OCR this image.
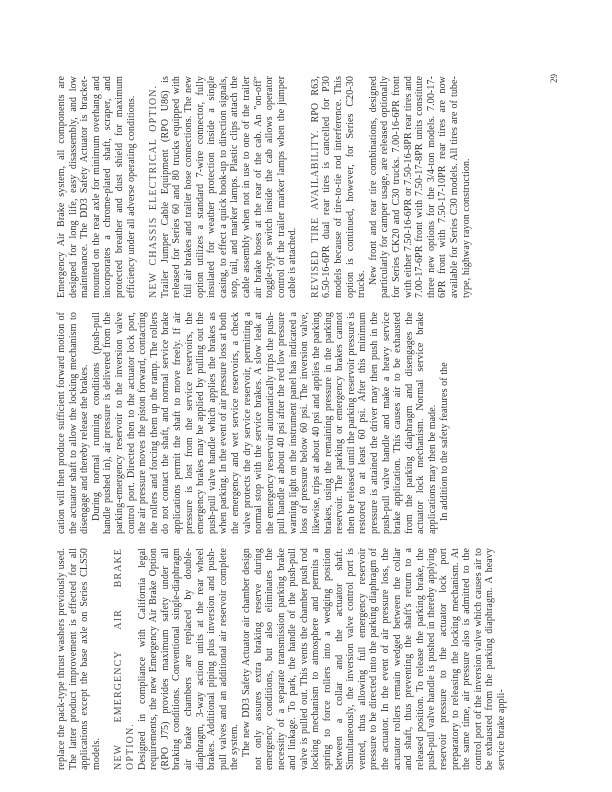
replace the pack-type thrust washers previously used. The latter product improvement is effected for all applications except the base axle on Series CLS50 models. NEW EMERGENCY AIR BRAKE OPTION. Designed in compliance with California legal requirements, the new Emergency Air Brake Option (RPO J75) provides maximum safety under all braking conditions. Conventional single-diaphragm air brake chambers are replaced by double-diaphragm, 3-way action units at the rear wheel brakes. Additional piping plus inversion and push-pull valves and an additional air reservoir complete the system. The new DD3 Safety Actuator air chamber design not only assures extra braking reserve during emergency conditions, but also eliminates the necessity of a separate transmission parking brake and linkage. To park, the handle of the push-pull valve is pulled out. This vents the chamber push rod locking mechanism to atmosphere and permits a spring to force rollers into a wedging position between a collar and the actuator shaft. Simultaneously, the inversion valve control port is vented, thus allowing full emergency reservoir pressure to be directed into the parking diaphragm of the actuator. In the event of air pressure loss, the actuator rollers remain wedged between the collar and shaft, thus preventing the shaft's return to a released position. To release the parking brake, the push-pull valve handle is pushed in thereby applying reservoir pressure to the actuator lock port preparatory to releasing the locking mechanism. At the same time, air pressure also is admitted to the control port of the inversion valve which causes air to be exhausted from the parking diaphragm. A heavy service brake appli-

cation will then produce sufficient forward motion of the actuator shaft to allow the locking mechanism to disengage and thereby release the brakes. During normal running conditions (push-pull handle pushed in), air pressure is delivered from the parking-emergency reservoir to the inversion valve control port. Directed then to the actuator lock port, the air pressure moves the piston forward, contacting the rollers and forcing them up the ramp. The rollers do not contact the shaft, and normal service brake applications permit the shaft to move freely. If air pressure is lost from the service reservoirs, the emergency brakes may be applied by pulling out the push-pull valve handle which applies the brakes as when parking. In the event of air pressure loss at both the emergency and wet service reservoirs, a check valve protects the dry service reservoir, permitting a normal stop with the service brakes. A slow leak at the emergency reservoir automatically trips the push-pull handle at about 40 psi after the red low pressure warning light on the instrument panel has indicated a loss of pressure below 60 psi. The inversion valve, likewise, trips at about 40 psi and applies the parking brakes, using the remaining pressure in the parking reservoir. The parking or emergency brakes cannot then be released until the parking reservoir pressure is restored to at least 60 psi. After this minimum pressure is attained the driver may then push in the push-pull valve handle and make a heavy service brake application. This causes air to be exhausted from the parking diaphragm and disengages the actuator lock mechanism. Normal service brake applications may then be made. In addition to the safety features of the

Emergency Air Brake system, all components are designed for long life, easy disassembly, and low maintenance. The DD3 Safety Actuator is bracket-mounted on the rear axle for minimum overhang and incorporates a chrome-plated shaft, scraper, and protected breather and dust shield for maximum efficiency under all adverse operating conditions. NEW CHASSIS ELECTRICAL OPTION. Trailer Jumper Cable Equipment (RPO U86) is released for Series 60 and 80 trucks equipped with full air brakes and trailer hose connections. The new option utilizes a standard 7-wire connector, fully insulated for weather protection inside a single casing, to effect a quick hook-up to direction signals, stop, tail, and marker lamps. Plastic clips attach the cable assembly when not in use to one of the trailer air brake hoses at the rear of the cab. An "on-off" toggle-type switch inside the cab allows operator control of the trailer marker lamps when the jumper cable is attached. REVISED TIRE AVAILABILITY. RPO R63, 6.50-16-6PR dual rear tires is cancelled for P30 models because of tire-to-tie rod interference. This option is continued, however, for Series C20-30 trucks. New front and rear tire combinations, designed particularly for camper usage, are released optionally for Series CK20 and C30 trucks. 7.00-16-6PR front with either 7.50-16-6PR or 7.50-16-8PR rear tires and 7.00-17-6PR front with 7.50-17-8PR units constitute three new options for the 3/4-ton models. 7.00-17-6PR front with 7.50-17-10PR rear tires are now available for Series C30 models. All tires are of tube-type, highway rayon construction.

29
